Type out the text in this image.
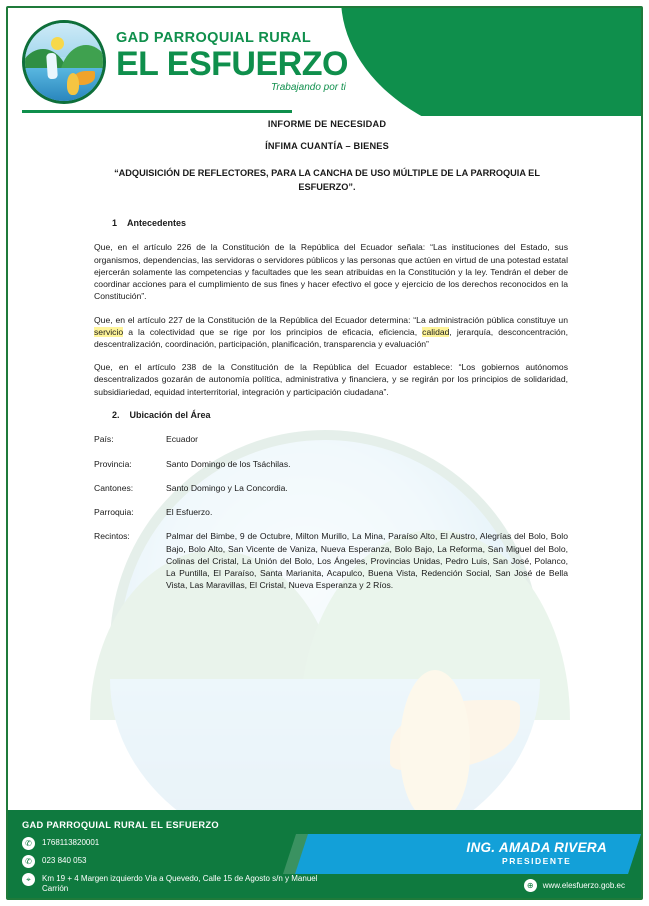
GAD PARROQUIAL RURAL
EL ESFUERZO
Trabajando por ti
INFORME DE NECESIDAD
ÍNFIMA CUANTÍA – BIENES
“ADQUISICIÓN DE REFLECTORES, PARA LA CANCHA DE USO MÚLTIPLE DE LA PARROQUIA EL ESFUERZO”.
1 Antecedentes

Que, en el artículo 226 de la Constitución de la República del Ecuador señala: “Las instituciones del Estado, sus organismos, dependencias, las servidoras o servidores públicos y las personas que actúen en virtud de una potestad estatal ejercerán solamente las competencias y facultades que les sean atribuidas en la Constitución y la ley. Tendrán el deber de coordinar acciones para el cumplimiento de sus fines y hacer efectivo el goce y ejercicio de los derechos reconocidos en la Constitución”.

Que, en el artículo 227 de la Constitución de la República del Ecuador determina: “La administración pública constituye un servicio a la colectividad que se rige por los principios de eficacia, eficiencia, calidad, jerarquía, desconcentración, descentralización, coordinación, participación, planificación, transparencia y evaluación”

Que, en el artículo 238 de la Constitución de la República del Ecuador establece: “Los gobiernos autónomos descentralizados gozarán de autonomía política, administrativa y financiera, y se regirán por los principios de solidaridad, subsidiariedad, equidad interterritorial, integración y participación ciudadana”.

2. Ubicación del Área
País:	Ecuador
Provincia:	Santo Domingo de los Tsáchilas.
Cantones:	Santo Domingo y La Concordia.
Parroquia:	El Esfuerzo.
Recintos:	Palmar del Bimbe, 9 de Octubre, Milton Murillo, La Mina, Paraíso Alto, El Austro, Alegrías del Bolo, Bolo Bajo, Bolo Alto, San Vicente de Vaniza, Nueva Esperanza, Bolo Bajo, La Reforma, San Miguel del Bolo, Colinas del Cristal, La Unión del Bolo, Los Ángeles, Provincias Unidas, Pedro Luis, San José, Polanco, La Puntilla, El Paraíso, Santa Marianita, Acapulco, Buena Vista, Redención Social, San José de Bella Vista, Las Maravillas, El Cristal, Nueva Esperanza y 2 Ríos.
GAD PARROQUIAL RURAL EL ESFUERZO
✆	1768113820001
✆	023 840 053
⌖	Km 19 + 4 Margen izquierdo Vía a Quevedo, Calle 15 de Agosto s/n y Manuel Carrión
ING. AMADA RIVERA
PRESIDENTE
⊕	www.elesfuerzo.gob.ec
